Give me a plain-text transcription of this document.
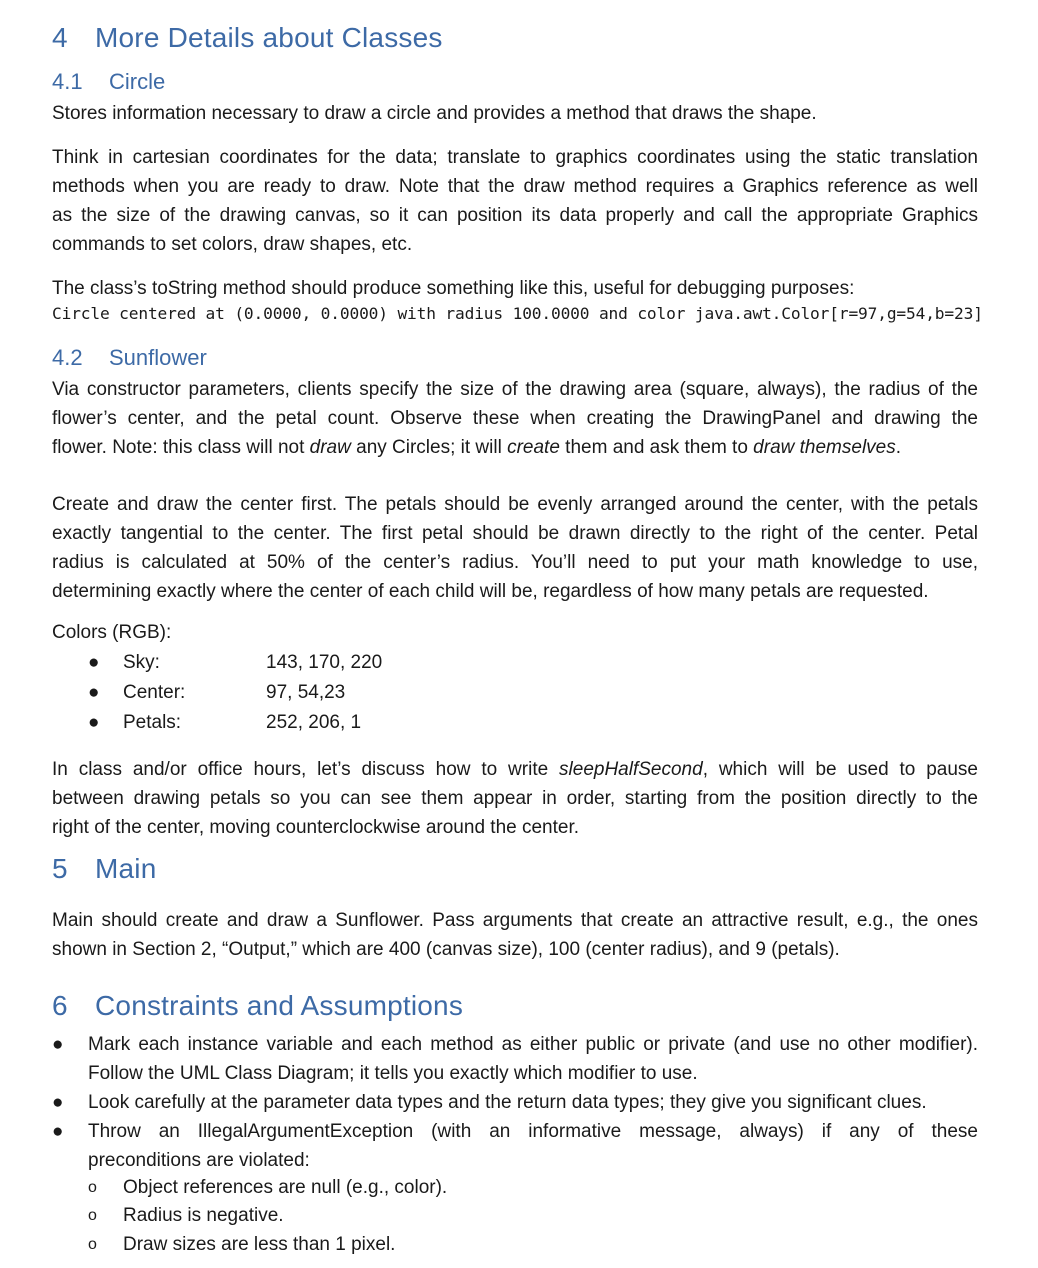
4 More Details about Classes
4.1 Circle
Stores information necessary to draw a circle and provides a method that draws the shape.
Think in cartesian coordinates for the data; translate to graphics coordinates using the static translation
methods when you are ready to draw. Note that the draw method requires a Graphics reference as well
as the size of the drawing canvas, so it can position its data properly and call the appropriate Graphics
commands to set colors, draw shapes, etc.
The class’s toString method should produce something like this, useful for debugging purposes:
Circle centered at (0.0000, 0.0000) with radius 100.0000 and color java.awt.Color[r=97,g=54,b=23]
4.2 Sunflower
Via constructor parameters, clients specify the size of the drawing area (square, always), the radius of the
flower’s center, and the petal count. Observe these when creating the DrawingPanel and drawing the
flower. Note: this class will not draw any Circles; it will create them and ask them to draw themselves.
Create and draw the center first. The petals should be evenly arranged around the center, with the petals
exactly tangential to the center. The first petal should be drawn directly to the right of the center. Petal
radius is calculated at 50% of the center’s radius. You’ll need to put your math knowledge to use,
determining exactly where the center of each child will be, regardless of how many petals are requested.
Colors (RGB):
● Sky:	143, 170, 220
● Center:	97, 54,23
● Petals:	252, 206, 1
In class and/or office hours, let’s discuss how to write sleepHalfSecond, which will be used to pause
between drawing petals so you can see them appear in order, starting from the position directly to the
right of the center, moving counterclockwise around the center.
5 Main
Main should create and draw a Sunflower. Pass arguments that create an attractive result, e.g., the ones
shown in Section 2, “Output,” which are 400 (canvas size), 100 (center radius), and 9 (petals).
6 Constraints and Assumptions
● Mark each instance variable and each method as either public or private (and use no other modifier).
Follow the UML Class Diagram; it tells you exactly which modifier to use.
● Look carefully at the parameter data types and the return data types; they give you significant clues.
● Throw an IllegalArgumentException (with an informative message, always) if any of these
preconditions are violated:
o Object references are null (e.g., color).
o Radius is negative.
o Draw sizes are less than 1 pixel.
